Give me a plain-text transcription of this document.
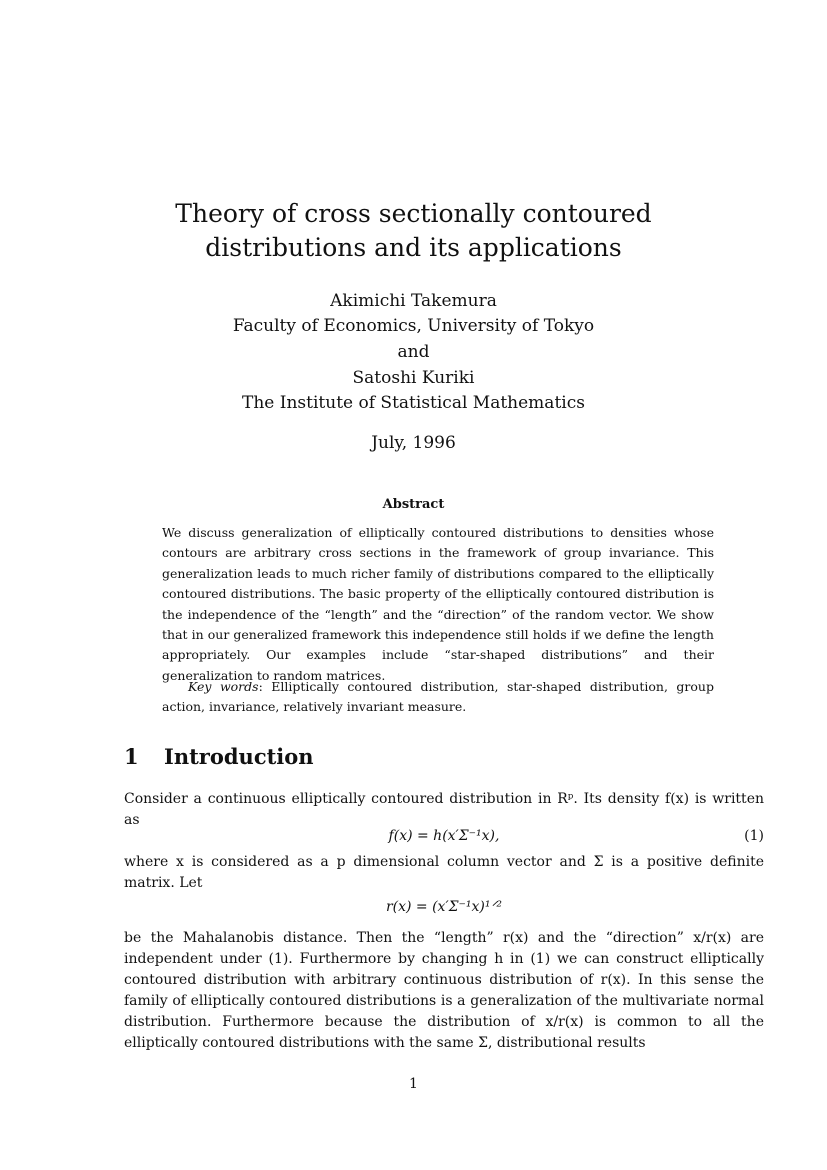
Theory of cross sectionally contoured
distributions and its applications
Akimichi Takemura
Faculty of Economics, University of Tokyo
and
Satoshi Kuriki
The Institute of Statistical Mathematics
July, 1996
Abstract
We discuss generalization of elliptically contoured distributions to densities whose contours are arbitrary cross sections in the framework of group invariance. This generalization leads to much richer family of distributions compared to the elliptically contoured distributions. The basic property of the elliptically contoured distribution is the independence of the “length” and the “direction” of the random vector. We show that in our generalized framework this independence still holds if we define the length appropriately. Our examples include “star-shaped distributions” and their generalization to random matrices.
Key words: Elliptically contoured distribution, star-shaped distribution, group action, invariance, relatively invariant measure.
1 Introduction
Consider a continuous elliptically contoured distribution in Rᵖ. Its density f(x) is written as
f(x) = h(x′Σ⁻¹x),	(1)
where x is considered as a p dimensional column vector and Σ is a positive definite matrix. Let
r(x) = (x′Σ⁻¹x)¹ᐟ²
be the Mahalanobis distance. Then the “length” r(x) and the “direction” x/r(x) are independent under (1). Furthermore by changing h in (1) we can construct elliptically contoured distribution with arbitrary continuous distribution of r(x). In this sense the family of elliptically contoured distributions is a generalization of the multivariate normal distribution. Furthermore because the distribution of x/r(x) is common to all the elliptically contoured distributions with the same Σ, distributional results
1
